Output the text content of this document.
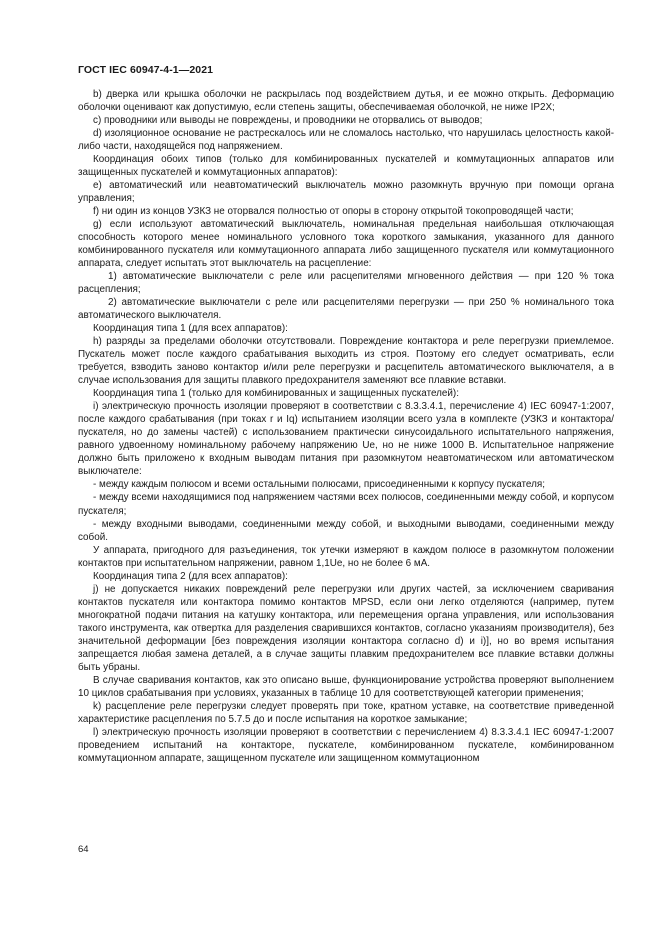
ГОСТ IEC 60947-4-1—2021

b) дверка или крышка оболочки не раскрылась под воздействием дутья, и ее можно открыть. Деформацию оболочки оценивают как допустимую, если степень защиты, обеспечиваемая оболочкой, не ниже IP2X;

c) проводники или выводы не повреждены, и проводники не оторвались от выводов;

d) изоляционное основание не растрескалось или не сломалось настолько, что нарушилась целостность какой-либо части, находящейся под напряжением.

Координация обоих типов (только для комбинированных пускателей и коммутационных аппаратов или защищенных пускателей и коммутационных аппаратов):

e) автоматический или неавтоматический выключатель можно разомкнуть вручную при помощи органа управления;

f) ни один из концов УЗКЗ не оторвался полностью от опоры в сторону открытой токопроводящей части;

g) если используют автоматический выключатель, номинальная предельная наибольшая отключающая способность которого менее номинального условного тока короткого замыкания, указанного для данного комбинированного пускателя или коммутационного аппарата либо защищенного пускателя или коммутационного аппарата, следует испытать этот выключатель на расцепление:

1) автоматические выключатели с реле или расцепителями мгновенного действия — при 120 % тока расцепления;

2) автоматические выключатели с реле или расцепителями перегрузки — при 250 % номинального тока автоматического выключателя.

Координация типа 1 (для всех аппаратов):

h) разряды за пределами оболочки отсутствовали. Повреждение контактора и реле перегрузки приемлемое. Пускатель может после каждого срабатывания выходить из строя. Поэтому его следует осматривать, если требуется, взводить заново контактор и/или реле перегрузки и расцепитель автоматического выключателя, а в случае использования для защиты плавкого предохранителя заменяют все плавкие вставки.

Координация типа 1 (только для комбинированных и защищенных пускателей):

i) электрическую прочность изоляции проверяют в соответствии с 8.3.3.4.1, перечисление 4) IEC 60947-1:2007, после каждого срабатывания (при токах r и Iq) испытанием изоляции всего узла в комплекте (УЗКЗ и контактора/пускателя, но до замены частей) с использованием практически синусоидального испытательного напряжения, равного удвоенному номинальному рабочему напряжению Ue, но не ниже 1000 В. Испытательное напряжение должно быть приложено к входным выводам питания при разомкнутом неавтоматическом или автоматическом выключателе:

- между каждым полюсом и всеми остальными полюсами, присоединенными к корпусу пускателя;

- между всеми находящимися под напряжением частями всех полюсов, соединенными между собой, и корпусом пускателя;

- между входными выводами, соединенными между собой, и выходными выводами, соединенными между собой.

У аппарата, пригодного для разъединения, ток утечки измеряют в каждом полюсе в разомкнутом положении контактов при испытательном напряжении, равном 1,1Ue, но не более 6 мА.

Координация типа 2 (для всех аппаратов):

j) не допускается никаких повреждений реле перегрузки или других частей, за исключением сваривания контактов пускателя или контактора помимо контактов MPSD, если они легко отделяются (например, путем многократной подачи питания на катушку контактора, или перемещения органа управления, или использования такого инструмента, как отвертка для разделения сварившихся контактов, согласно указаниям производителя), без значительной деформации [без повреждения изоляции контактора согласно d) и i)], но во время испытания запрещается любая замена деталей, а в случае защиты плавким предохранителем все плавкие вставки должны быть убраны.

В случае сваривания контактов, как это описано выше, функционирование устройства проверяют выполнением 10 циклов срабатывания при условиях, указанных в таблице 10 для соответствующей категории применения;

k) расцепление реле перегрузки следует проверять при токе, кратном уставке, на соответствие приведенной характеристике расцепления по 5.7.5 до и после испытания на короткое замыкание;

l) электрическую прочность изоляции проверяют в соответствии с перечислением 4) 8.3.3.4.1 IEC 60947-1:2007 проведением испытаний на контакторе, пускателе, комбинированном пускателе, комбинированном коммутационном аппарате, защищенном пускателе или защищенном коммутационном

64
